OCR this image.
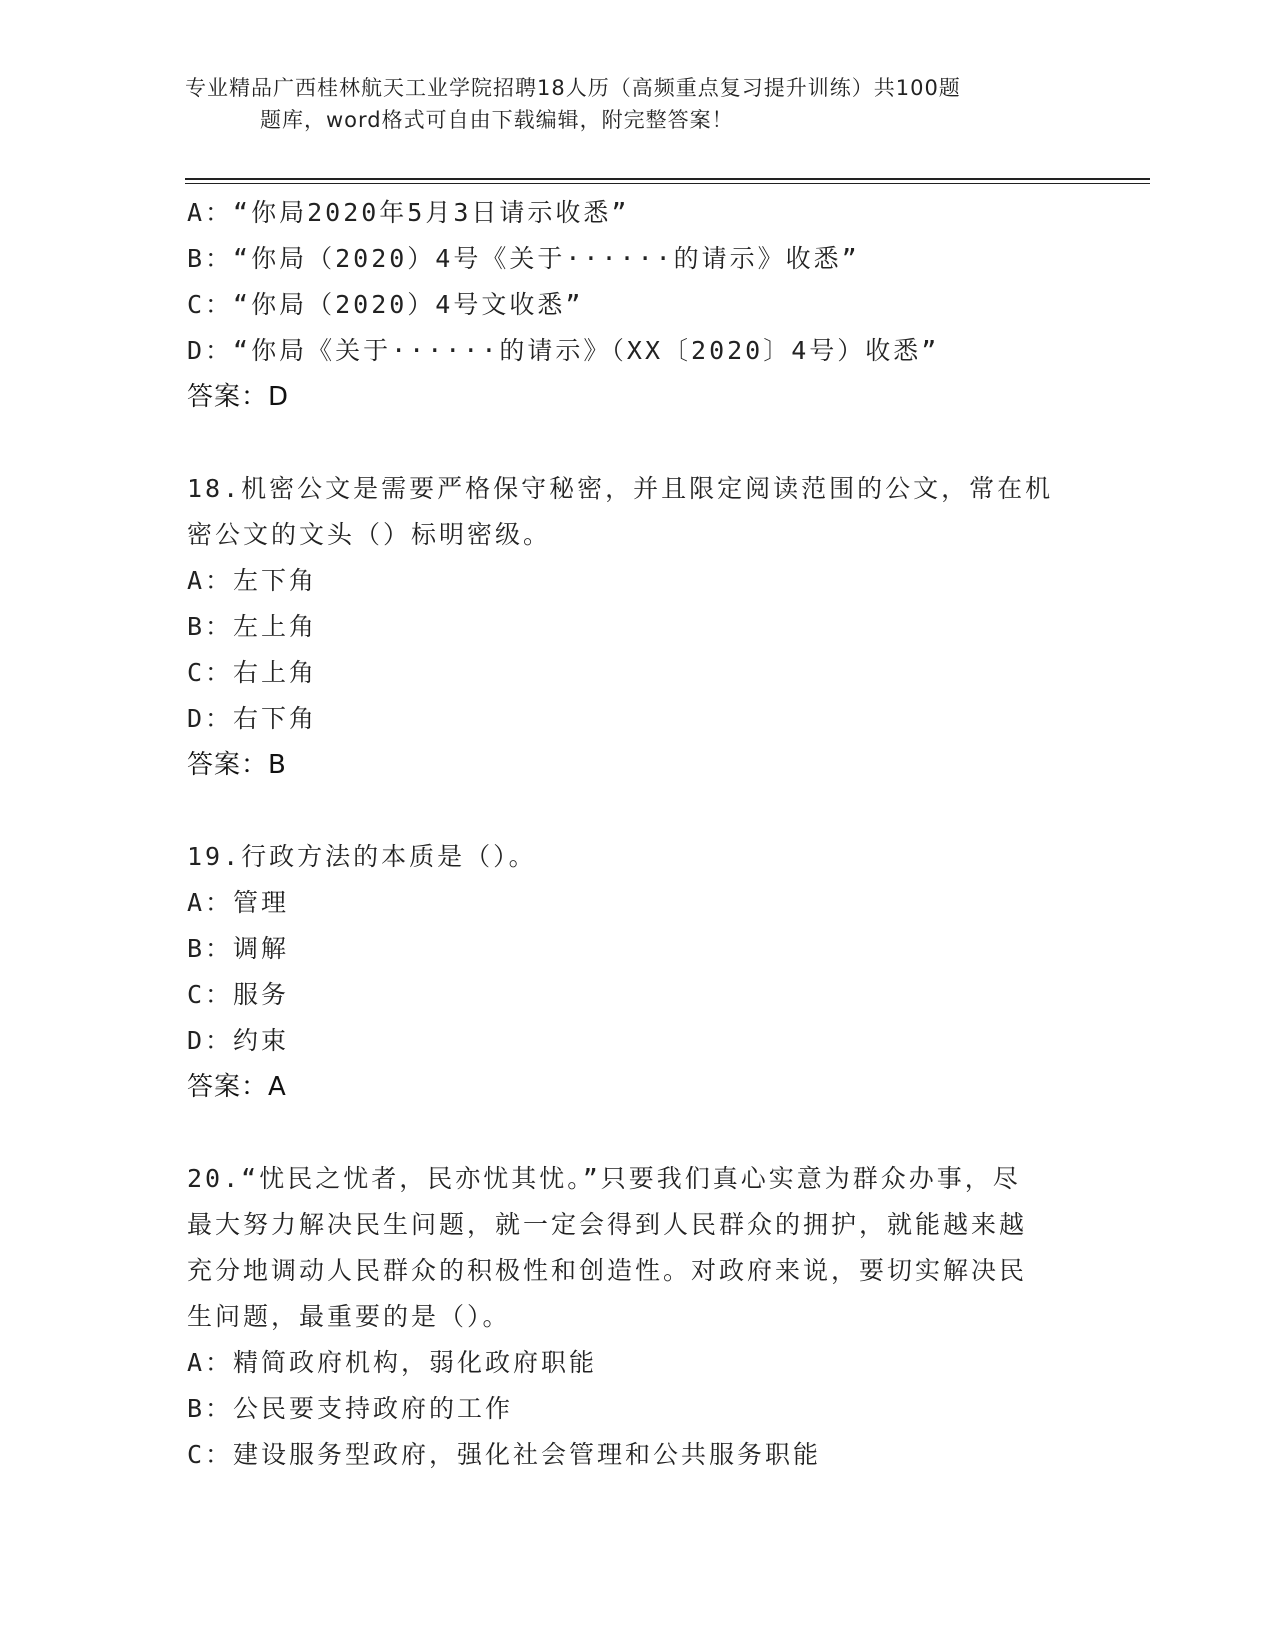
专业精品广西桂林航天工业学院招聘18人历（高频重点复习提升训练）共100题
题库，word格式可自由下载编辑，附完整答案！
A：“你局2020年5月3日请示收悉”
B：“你局（2020）4号《关于······的请示》收悉”
C：“你局（2020）4号文收悉”
D：“你局《关于······的请示》（XX〔2020〕4号）收悉”
答案：D
18.机密公文是需要严格保守秘密，并且限定阅读范围的公文，常在机
密公文的文头（）标明密级。
A：左下角
B：左上角
C：右上角
D：右下角
答案：B
19.行政方法的本质是（）。
A：管理
B：调解
C：服务
D：约束
答案：A
20.“忧民之忧者，民亦忧其忧。”只要我们真心实意为群众办事，尽
最大努力解决民生问题，就一定会得到人民群众的拥护，就能越来越
充分地调动人民群众的积极性和创造性。对政府来说，要切实解决民
生问题，最重要的是（）。
A：精简政府机构，弱化政府职能
B：公民要支持政府的工作
C：建设服务型政府，强化社会管理和公共服务职能
